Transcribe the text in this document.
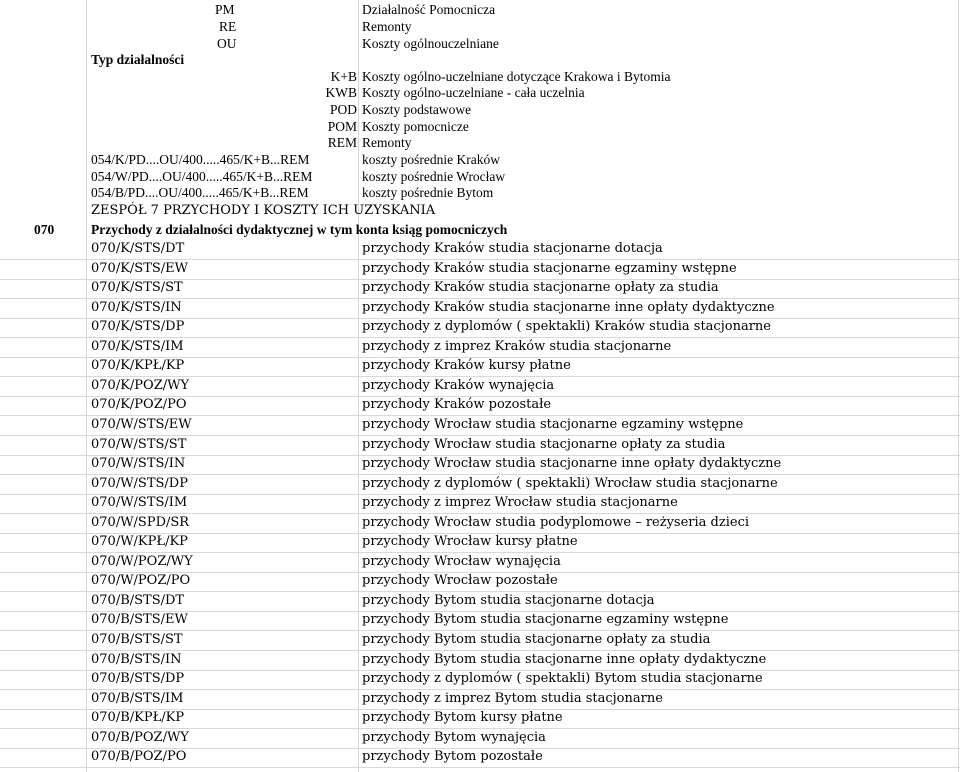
PM	Działalność Pomocnicza
RE	Remonty
OU	Koszty ogólnouczelniane
Typ działalności
K+B Koszty ogólno-uczelniane dotyczące Krakowa i Bytomia
KWB Koszty ogólno-uczelniane - cała uczelnia
POD Koszty podstawowe
POM Koszty pomocnicze
REM Remonty
054/K/PD....OU/400.....465/K+B...REM	koszty pośrednie Kraków
054/W/PD....OU/400.....465/K+B...REM	koszty pośrednie Wrocław
054/B/PD....OU/400.....465/K+B...REM	koszty pośrednie Bytom
ZESPÓŁ 7 PRZYCHODY I KOSZTY ICH UZYSKANIA
070	Przychody z działalności dydaktycznej w tym konta ksiąg pomocniczych
070/K/STS/DT	przychody Kraków studia stacjonarne dotacja
070/K/STS/EW	przychody Kraków studia stacjonarne egzaminy wstępne
070/K/STS/ST	przychody Kraków studia stacjonarne opłaty za studia
070/K/STS/IN	przychody Kraków studia stacjonarne inne opłaty dydaktyczne
070/K/STS/DP	przychody z dyplomów ( spektakli) Kraków studia stacjonarne
070/K/STS/IM	przychody z imprez Kraków studia stacjonarne
070/K/KPŁ/KP	przychody Kraków kursy płatne
070/K/POZ/WY	przychody Kraków wynajęcia
070/K/POZ/PO	przychody Kraków pozostałe
070/W/STS/EW	przychody Wrocław studia stacjonarne egzaminy wstępne
070/W/STS/ST	przychody Wrocław studia stacjonarne opłaty za studia
070/W/STS/IN	przychody Wrocław studia stacjonarne inne opłaty dydaktyczne
070/W/STS/DP	przychody z dyplomów ( spektakli) Wrocław studia stacjonarne
070/W/STS/IM	przychody z imprez Wrocław studia stacjonarne
070/W/SPD/SR	przychody Wrocław studia podyplomowe – reżyseria dzieci
070/W/KPŁ/KP	przychody Wrocław kursy płatne
070/W/POZ/WY	przychody Wrocław wynajęcia
070/W/POZ/PO	przychody Wrocław pozostałe
070/B/STS/DT	przychody Bytom studia stacjonarne dotacja
070/B/STS/EW	przychody Bytom studia stacjonarne egzaminy wstępne
070/B/STS/ST	przychody Bytom studia stacjonarne opłaty za studia
070/B/STS/IN	przychody Bytom studia stacjonarne inne opłaty dydaktyczne
070/B/STS/DP	przychody z dyplomów ( spektakli) Bytom studia stacjonarne
070/B/STS/IM	przychody z imprez Bytom studia stacjonarne
070/B/KPŁ/KP	przychody Bytom kursy płatne
070/B/POZ/WY	przychody Bytom wynajęcia
070/B/POZ/PO	przychody Bytom pozostałe
